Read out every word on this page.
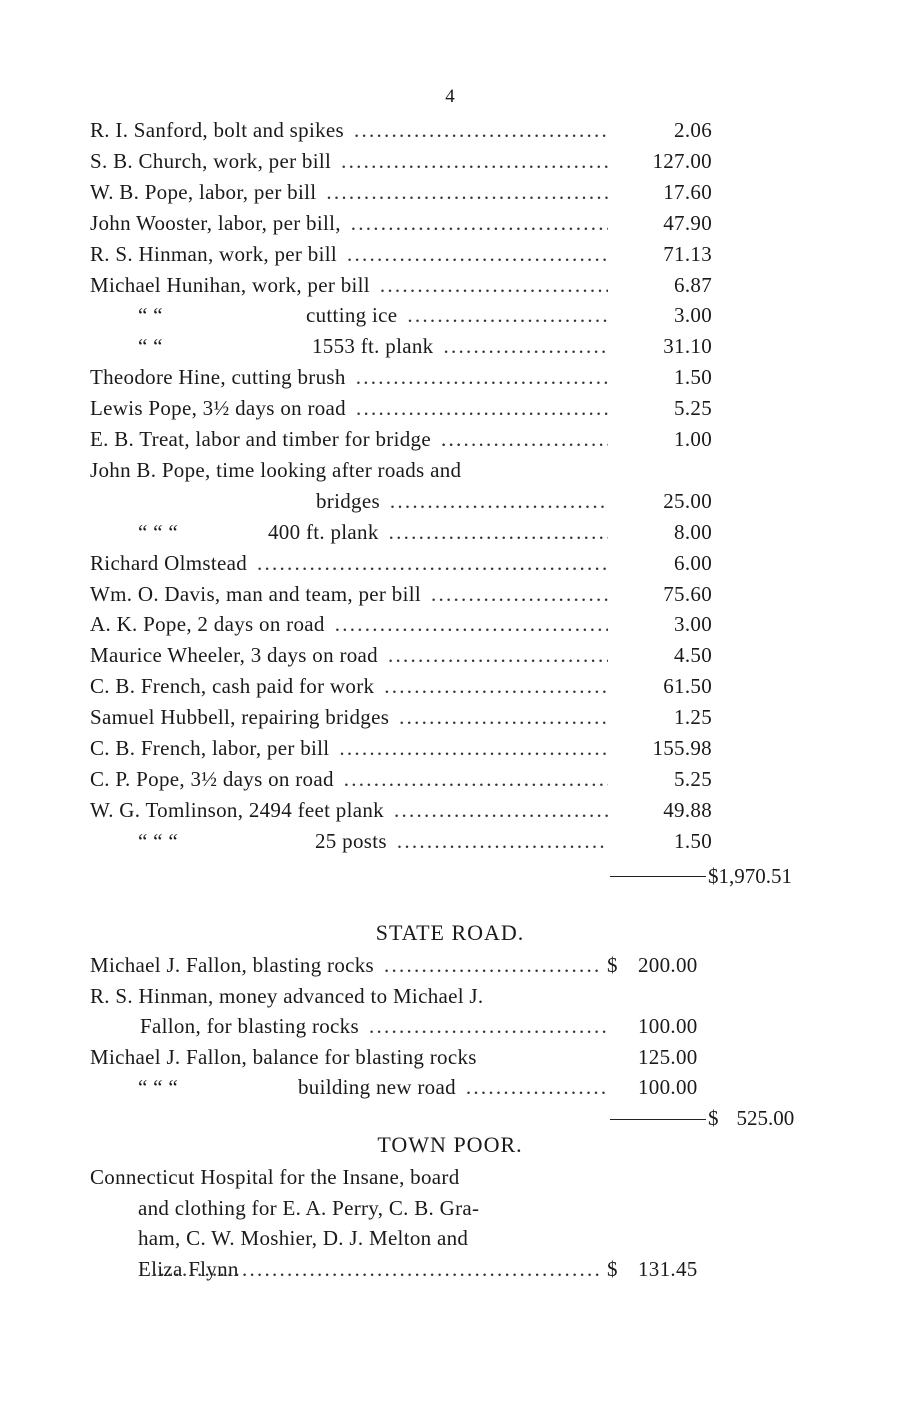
4
R. I. Sanford, bolt and spikes . . .	2.06
S. B. Church, work, per bill . . .	127.00
W. B. Pope, labor, per bill . . .	17.60
John Wooster, labor, per bill, . . .	47.90
R. S. Hinman, work, per bill . . .	71.13
Michael Hunihan, work, per bill . . .	6.87
“ “	cutting ice . . .	3.00
“ “	1553 ft. plank . . .	31.10
Theodore Hine, cutting brush . . .	1.50
Lewis Pope, 3½ days on road . . .	5.25
E. B. Treat, labor and timber for bridge . . . . . .	1.00
John B. Pope, time looking after roads and
bridges . . .	25.00
“ “ “	400 ft. plank . . .	8.00
Richard Olmstead . . .	6.00
Wm. O. Davis, man and team, per bill . . .	75.60
A. K. Pope, 2 days on road . . .	3.00
Maurice Wheeler, 3 days on road . . .	4.50
C. B. French, cash paid for work . . .	61.50
Samuel Hubbell, repairing bridges . . .	1.25
C. B. French, labor, per bill . . .	155.98
C. P. Pope, 3½ days on road . . .	5.25
W. G. Tomlinson, 2494 feet plank . . .	49.88
“ “ “	25 posts . . .	1.50
STATE ROAD.
Michael J. Fallon, blasting rocks . . .	$ 200.00
R. S. Hinman, money advanced to Michael J.
Fallon, for blasting rocks . . .	100.00
Michael J. Fallon, balance for blasting rocks	125.00
“ “ “	building new road . . .	100.00
TOWN POOR.
Connecticut Hospital for the Insane, board
and clothing for E. A. Perry, C. B. Gra-
ham, C. W. Moshier, D. J. Melton and
Eliza Flynn . . .	$ 131.45
$1,970.51
$ 525.00
